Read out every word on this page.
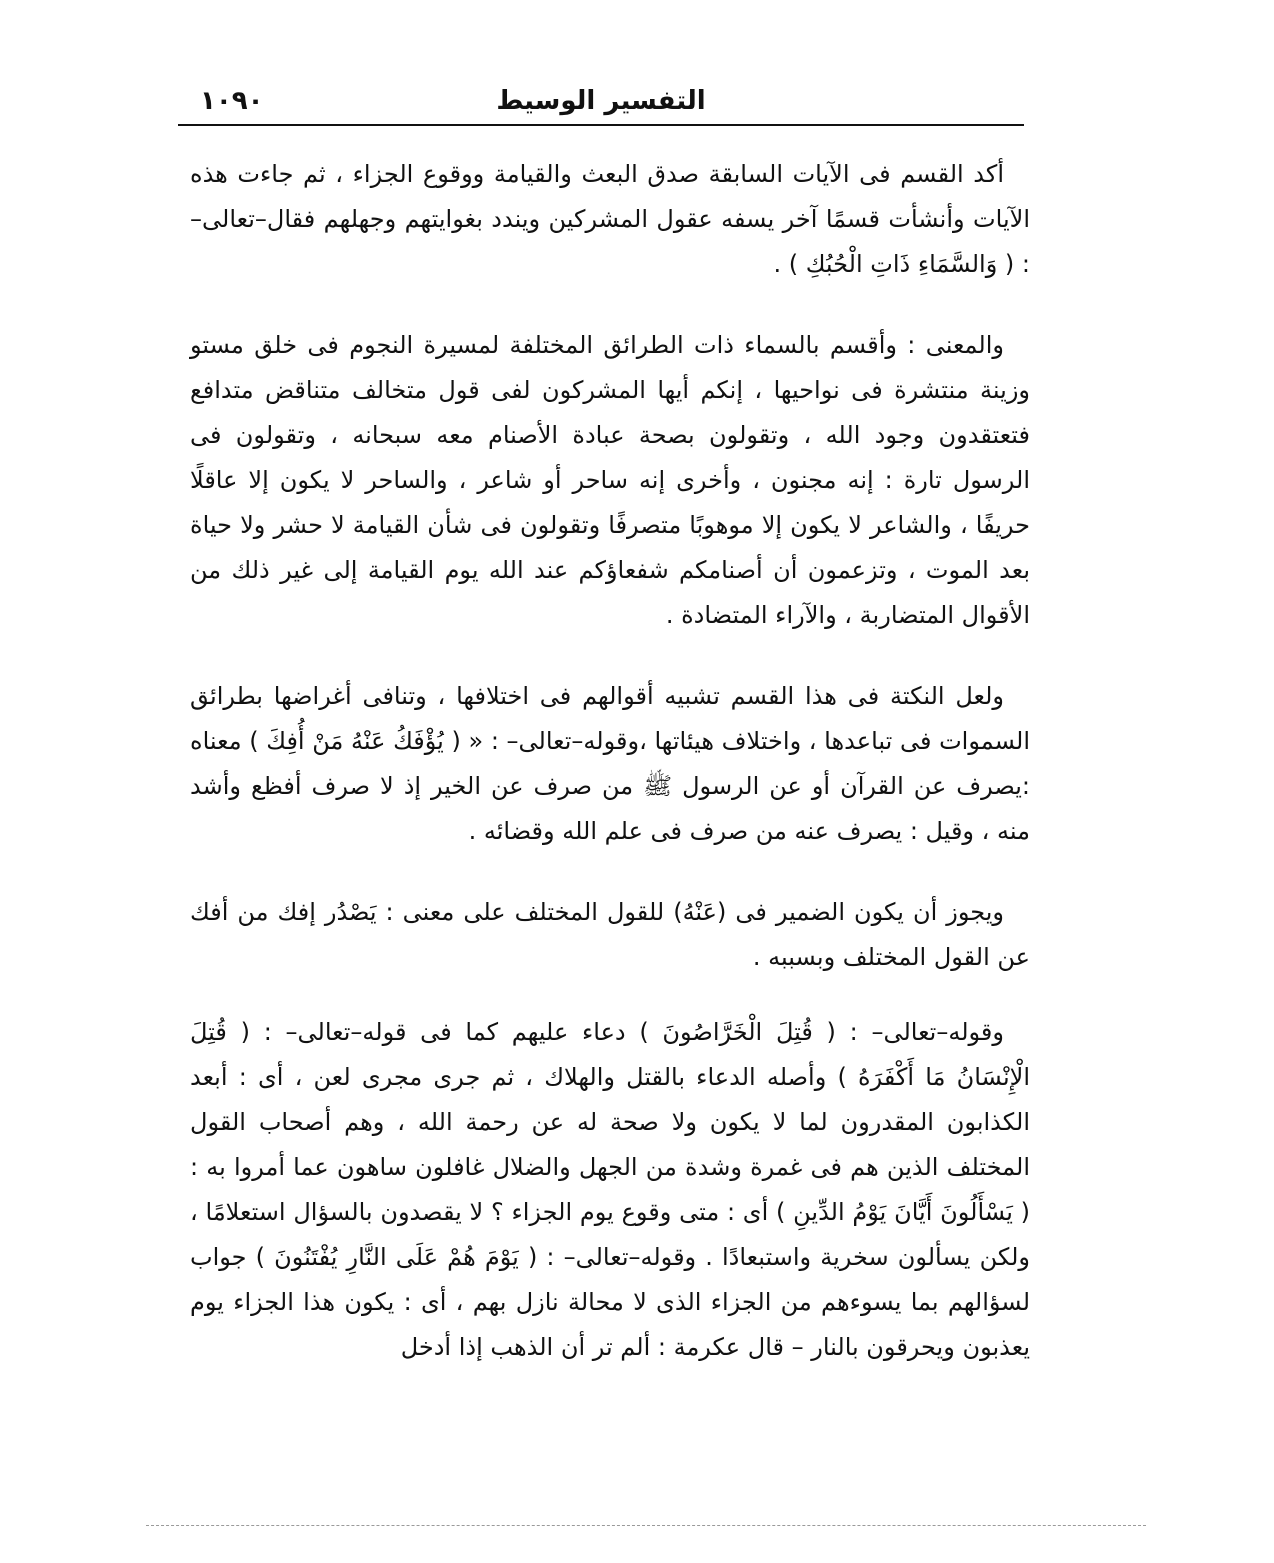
١٠٩٠	التفسير الوسيط

أكد القسم فى الآيات السابقة صدق البعث والقيامة ووقوع الجزاء ، ثم جاءت هذه الآيات وأنشأت قسمًا آخر يسفه عقول المشركين ويندد بغوايتهم وجهلهم فقال–تعالى– : ( وَالسَّمَاءِ ذَاتِ الْحُبُكِ ) .

والمعنى : وأقسم بالسماء ذات الطرائق المختلفة لمسيرة النجوم فى خلق مستو وزينة منتشرة فى نواحيها ، إنكم أيها المشركون لفى قول متخالف متناقض متدافع فتعتقدون وجود الله ، وتقولون بصحة عبادة الأصنام معه سبحانه ، وتقولون فى الرسول تارة : إنه مجنون ، وأخرى إنه ساحر أو شاعر ، والساحر لا يكون إلا عاقلًا حريفًا ، والشاعر لا يكون إلا موهوبًا متصرفًا وتقولون فى شأن القيامة لا حشر ولا حياة بعد الموت ، وتزعمون أن أصنامكم شفعاؤكم عند الله يوم القيامة إلى غير ذلك من الأقوال المتضاربة ، والآراء المتضادة .

ولعل النكتة فى هذا القسم تشبيه أقوالهم فى اختلافها ، وتنافى أغراضها بطرائق السموات فى تباعدها ، واختلاف هيئاتها ،وقوله–تعالى– : « ( يُؤْفَكُ عَنْهُ مَنْ أُفِكَ ) معناه :يصرف عن القرآن أو عن الرسول ﷺ من صرف عن الخير إذ لا صرف أفظع وأشد منه ، وقيل : يصرف عنه من صرف فى علم الله وقضائه .

ويجوز أن يكون الضمير فى (عَنْهُ) للقول المختلف على معنى : يَصْدُر إفك من أفك عن القول المختلف وبسببه .

وقوله–تعالى– : ( قُتِلَ الْخَرَّاصُونَ ) دعاء عليهم كما فى قوله–تعالى– : ( قُتِلَ الْإِنْسَانُ مَا أَكْفَرَهُ ) وأصله الدعاء بالقتل والهلاك ، ثم جرى مجرى لعن ، أى : أبعد الكذابون المقدرون لما لا يكون ولا صحة له عن رحمة الله ، وهم أصحاب القول المختلف الذين هم فى غمرة وشدة من الجهل والضلال غافلون ساهون عما أمروا به : ( يَسْأَلُونَ أَيَّانَ يَوْمُ الدِّينِ ) أى : متى وقوع يوم الجزاء ؟ لا يقصدون بالسؤال استعلامًا ، ولكن يسألون سخرية واستبعادًا . وقوله–تعالى– : ( يَوْمَ هُمْ عَلَى النَّارِ يُفْتَنُونَ ) جواب لسؤالهم بما يسوءهم من الجزاء الذى لا محالة نازل بهم ، أى : يكون هذا الجزاء يوم يعذبون ويحرقون بالنار – قال عكرمة : ألم تر أن الذهب إذا أدخل
